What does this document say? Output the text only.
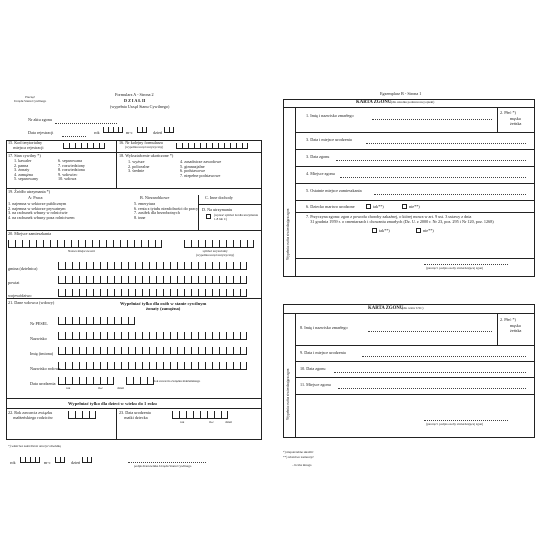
Pieczęć
Urzędu Stanu Cywilnego
Formularz A - Strona 2
D Z I A Ł II
(wypełnia Urząd Stanu Cywilnego)
Nr aktu zgonu
Data rejestracji	rok	m-c	dzień
15. Kod terytorialny
miejsca rejestracji
16. Nr kolejny formularza
(wypełnia urząd statystyczny)
17. Stan cywilny *)
1. kawaler
2. panna
3. żonaty
4. zamężna
5. separowany
6. separowana
7. rozwiedziony
8. rozwiedziona
9. wdowiec
10. wdowa
18. Wykształcenie ukończone *)
1. wyższe
2. policealne
3. średnie
4. zasadnicze zawodowe
5. gimnazjalne
6. podstawowe
7. niepełne podstawowe
19. Źródło utrzymania *)
A: Praca	B. Niezarobkowe	C. Inne dochody
1. najemna w sektorze publicznym
2. najemna w sektorze prywatnym
3. na rachunek własny w rolnictwie
4. na rachunek własny poza rolnictwem
5. emerytura
6. renta z tytułu niezdolności do pracy
7. zasiłek dla bezrobotnych
8. inne
D. Na utrzymaniu
(wpisać symbol źródła utrzymania 1-8 lub C)
20. Miejsce zamieszkania
Nazwa miejscowości	symbol terytorialny
(wypełnia urząd statystyczny)
gmina (dzielnica)
powiat
województwo
21. Dane wdowca (wdowy)	Wypełniać tylko dla osób w stanie cywilnym
żonaty (zamężna)
Nr PESEL
Nazwisko
Imię (imiona)
Nazwisko rodowe
Data urodzenia
rok	m-c	dzień
Rok zawarcia związku małżeńskiego
Wypełniać tylko dla dzieci w wieku do 1 roku
22. Rok zawarcia związku
małżeńskiego rodziców
23. Data urodzenia
matki dziecka
rok	m-c	dzień
*) właściwe zakreślenie otoczyć obwódką
rok	m-c	dzień
podpis Kierownika Urzędu Stanu Cywilnego
Egzemplarz B - Strona 1
KARTA ZGONU (dla ośrodka podstawowej opieki)
Wypełnia osoba stwierdzająca zgon
1. Imię i nazwisko zmarłego
2. Płeć *)
męska
żeńska
3. Data i miejsce urodzenia
3. Data zgonu
4. Miejsce zgonu
5. Ostatnie miejsce zamieszkania
6. Dziecko martwo urodzone	tak**)	nie**)
7. Przyczyna zgonu: zgon z powodu choroby zakaźnej, o której mowa w art. 9 ust. 3 ustawy z dnia
31 grudnia 1959 r. o cmentarzach i chowaniu zmarłych (Dz. U. z 2000 r. Nr 23, poz. 295 i Nr 120, poz. 1268)
tak**)	nie**)
(pieczęć i podpis osoby stwierdzającej zgon)
KARTA ZGONU
(dla celów USC)
Wypełnia osoba stwierdzająca zgon
8. Imię i nazwisko zmarłego
2. Płeć *)
męska
żeńska
9. Data i miejsce urodzenia
10. Data zgonu
11. Miejsce zgonu
(pieczęć i podpis osoby stwierdzającej zgon)
*) niepotrzebne skreślić
**) właściwe zaznaczyć
– liczba mnoga
